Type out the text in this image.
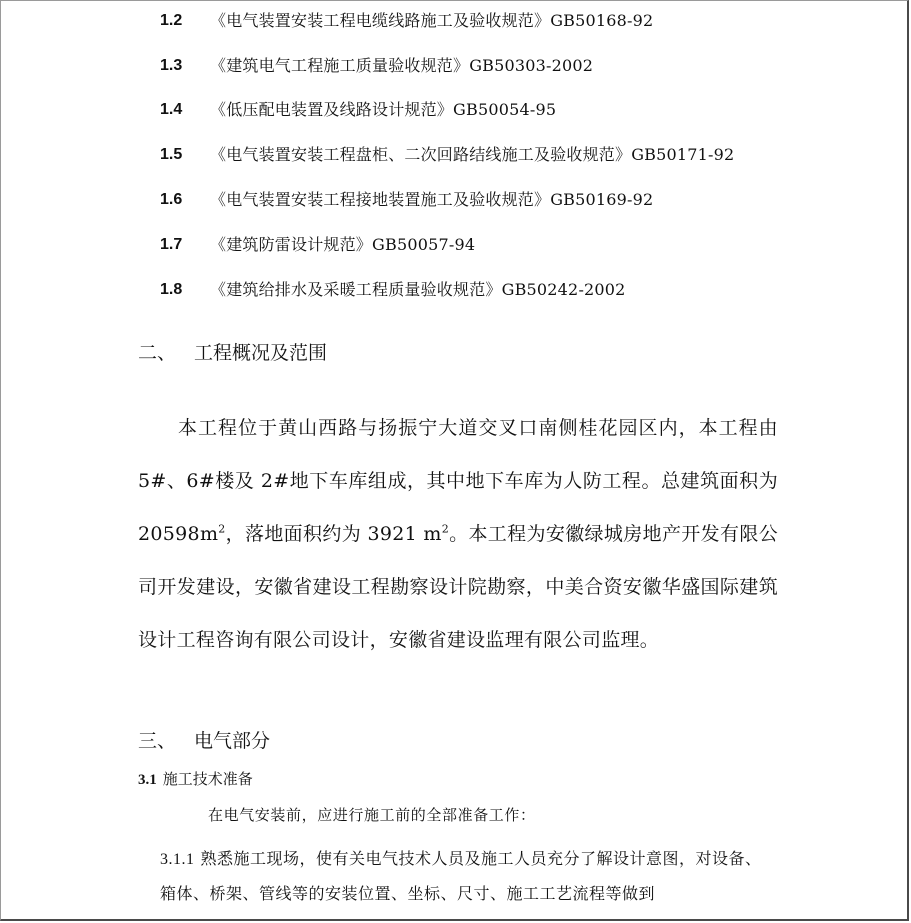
1.2	《电气装置安装工程电缆线路施工及验收规范》GB50168-92
1.3	《建筑电气工程施工质量验收规范》GB50303-2002
1.4	《低压配电装置及线路设计规范》GB50054-95
1.5	《电气装置安装工程盘柜、二次回路结线施工及验收规范》GB50171-92
1.6	《电气装置安装工程接地装置施工及验收规范》GB50169-92
1.7	《建筑防雷设计规范》GB50057-94
1.8	《建筑给排水及采暖工程质量验收规范》GB50242-2002
二、 工程概况及范围
本工程位于黄山西路与扬振宁大道交叉口南侧桂花园区内，本工程由 5#、6#楼及 2#地下车库组成，其中地下车库为人防工程。总建筑面积为 $20598m^2$，落地面积约为 3921 $m^2$。本工程为安徽绿城房地产开发有限公司开发建设，安徽省建设工程勘察设计院勘察，中美合资安徽华盛国际建筑设计工程咨询有限公司设计，安徽省建设监理有限公司监理。
三、 电气部分
3.1 施工技术准备
在电气安装前，应进行施工前的全部准备工作：
3.1.1 熟悉施工现场，使有关电气技术人员及施工人员充分了解设计意图，对设备、箱体、桥架、管线等的安装位置、坐标、尺寸、施工工艺流程等做到
